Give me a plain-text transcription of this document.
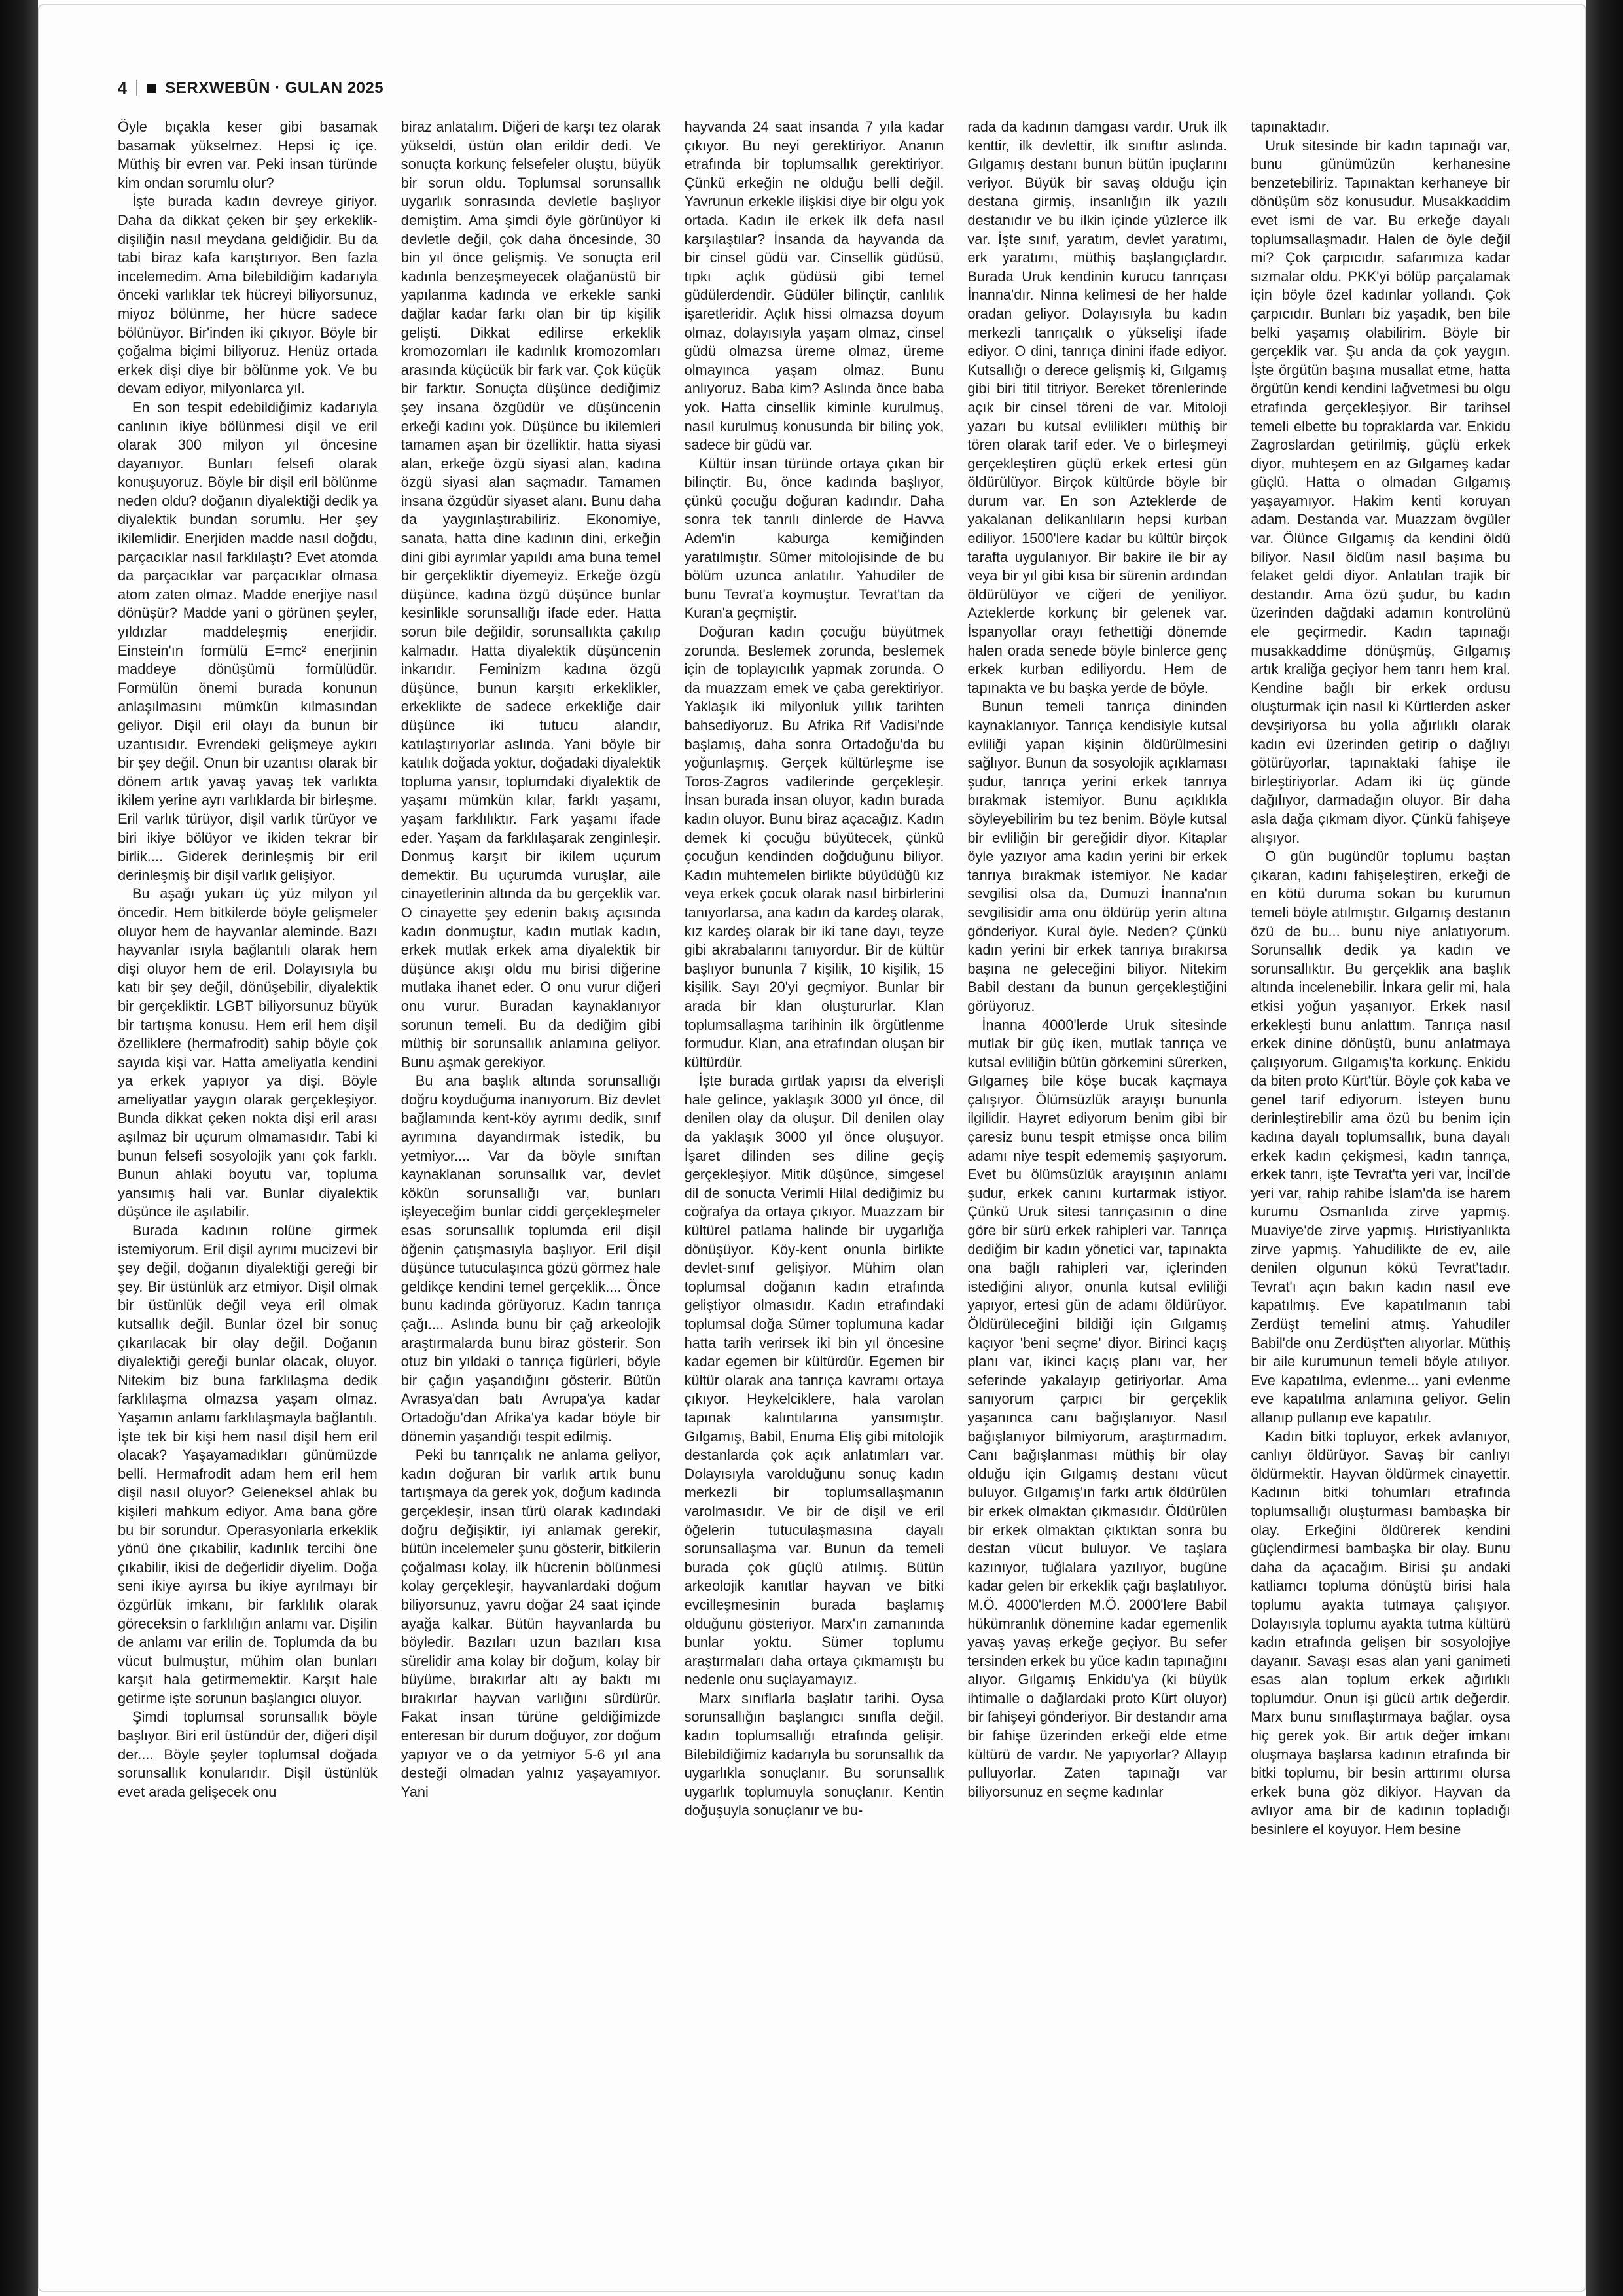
4 SERXWEBÛN · GULAN 2025

Öyle bıçakla keser gibi basamak basamak yükselmez. Hepsi iç içe. Müthiş bir evren var. Peki insan türünde kim ondan sorumlu olur?

İşte burada kadın devreye giriyor. Daha da dikkat çeken bir şey erkeklik-dişiliğin nasıl meydana geldiğidir. Bu da tabi biraz kafa karıştırıyor. Ben fazla incelemedim. Ama bilebildiğim kadarıyla önceki varlıklar tek hücreyi biliyorsunuz, miyoz bölünme, her hücre sadece bölünüyor. Bir'inden iki çıkıyor. Böyle bir çoğalma biçimi biliyoruz. Henüz ortada erkek dişi diye bir bölünme yok. Ve bu devam ediyor, milyonlarca yıl.

En son tespit edebildiğimiz kadarıyla canlının ikiye bölünmesi dişil ve eril olarak 300 milyon yıl öncesine dayanıyor. Bunları felsefi olarak konuşuyoruz. Böyle bir dişil eril bölünme neden oldu? doğanın diyalektiği dedik ya diyalektik bundan sorumlu. Her şey ikilemlidir. Enerjiden madde nasıl doğdu, parçacıklar nasıl farklılaştı? Evet atomda da parçacıklar var parçacıklar olmasa atom zaten olmaz. Madde enerjiye nasıl dönüşür? Madde yani o görünen şeyler, yıldızlar maddeleşmiş enerjidir. Einstein'ın formülü E=mc² enerjinin maddeye dönüşümü formülüdür. Formülün önemi burada konunun anlaşılmasını mümkün kılmasından geliyor. Dişil eril olayı da bunun bir uzantısıdır. Evrendeki gelişmeye aykırı bir şey değil. Onun bir uzantısı olarak bir dönem artık yavaş yavaş tek varlıkta ikilem yerine ayrı varlıklarda bir birleşme. Eril varlık türüyor, dişil varlık türüyor ve biri ikiye bölüyor ve ikiden tekrar bir birlik.... Giderek derinleşmiş bir eril derinleşmiş bir dişil varlık gelişiyor.

Bu aşağı yukarı üç yüz milyon yıl öncedir. Hem bitkilerde böyle gelişmeler oluyor hem de hayvanlar aleminde. Bazı hayvanlar ısıyla bağlantılı olarak hem dişi oluyor hem de eril. Dolayısıyla bu katı bir şey değil, dönüşebilir, diyalektik bir gerçekliktir. LGBT biliyorsunuz büyük bir tartışma konusu. Hem eril hem dişil özelliklere (hermafrodit) sahip böyle çok sayıda kişi var. Hatta ameliyatla kendini ya erkek yapıyor ya dişi. Böyle ameliyatlar yaygın olarak gerçekleşiyor. Bunda dikkat çeken nokta dişi eril arası aşılmaz bir uçurum olmamasıdır. Tabi ki bunun felsefi sosyolojik yanı çok farklı. Bunun ahlaki boyutu var, topluma yansımış hali var. Bunlar diyalektik düşünce ile aşılabilir.

Burada kadının rolüne girmek istemiyorum. Eril dişil ayrımı mucizevi bir şey değil, doğanın diyalektiği gereği bir şey. Bir üstünlük arz etmiyor. Dişil olmak bir üstünlük değil veya eril olmak kutsallık değil. Bunlar özel bir sonuç çıkarılacak bir olay değil. Doğanın diyalektiği gereği bunlar olacak, oluyor. Nitekim biz buna farklılaşma dedik farklılaşma olmazsa yaşam olmaz. Yaşamın anlamı farklılaşmayla bağlantılı. İşte tek bir kişi hem nasıl dişil hem eril olacak? Yaşayamadıkları günümüzde belli. Hermafrodit adam hem eril hem dişil nasıl oluyor? Geleneksel ahlak bu kişileri mahkum ediyor. Ama bana göre bu bir sorundur. Operasyonlarla erkeklik yönü öne çıkabilir, kadınlık tercihi öne çıkabilir, ikisi de değerlidir diyelim. Doğa seni ikiye ayırsa bu ikiye ayrılmayı bir özgürlük imkanı, bir farklılık olarak göreceksin o farklılığın anlamı var. Dişilin de anlamı var erilin de. Toplumda da bu vücut bulmuştur, mühim olan bunları karşıt hala getirmemektir. Karşıt hale getirme işte sorunun başlangıcı oluyor.

Şimdi toplumsal sorunsallık böyle başlıyor. Biri eril üstündür der, diğeri dişil der.... Böyle şeyler toplumsal doğada sorunsallık konularıdır. Dişil üstünlük evet arada gelişecek onu

biraz anlatalım. Diğeri de karşı tez olarak yükseldi, üstün olan erildir dedi. Ve sonuçta korkunç felsefeler oluştu, büyük bir sorun oldu. Toplumsal sorunsallık uygarlık sonrasında devletle başlıyor demiştim. Ama şimdi öyle görünüyor ki devletle değil, çok daha öncesinde, 30 bin yıl önce gelişmiş. Ve sonuçta eril kadınla benzeşmeyecek olağanüstü bir yapılanma kadında ve erkekle sanki dağlar kadar farkı olan bir tip kişilik gelişti. Dikkat edilirse erkeklik kromozomları ile kadınlık kromozomları arasında küçücük bir fark var. Çok küçük bir farktır. Sonuçta düşünce dediğimiz şey insana özgüdür ve düşüncenin erkeği kadını yok. Düşünce bu ikilemleri tamamen aşan bir özelliktir, hatta siyasi alan, erkeğe özgü siyasi alan, kadına özgü siyasi alan saçmadır. Tamamen insana özgüdür siyaset alanı. Bunu daha da yaygınlaştırabiliriz. Ekonomiye, sanata, hatta dine kadının dini, erkeğin dini gibi ayrımlar yapıldı ama buna temel bir gerçekliktir diyemeyiz. Erkeğe özgü düşünce, kadına özgü düşünce bunlar kesinlikle sorunsallığı ifade eder. Hatta sorun bile değildir, sorunsallıkta çakılıp kalmadır. Hatta diyalektik düşüncenin inkarıdır. Feminizm kadına özgü düşünce, bunun karşıtı erkeklikler, erkeklikte de sadece erkekliğe dair düşünce iki tutucu alandır, katılaştırıyorlar aslında. Yani böyle bir katılık doğada yoktur, doğadaki diyalektik topluma yansır, toplumdaki diyalektik de yaşamı mümkün kılar, farklı yaşamı, yaşam farklılıktır. Fark yaşamı ifade eder. Yaşam da farklılaşarak zenginleşir. Donmuş karşıt bir ikilem uçurum demektir. Bu uçurumda vuruşlar, aile cinayetlerinin altında da bu gerçeklik var. O cinayette şey edenin bakış açısında kadın donmuştur, kadın mutlak kadın, erkek mutlak erkek ama diyalektik bir düşünce akışı oldu mu birisi diğerine mutlaka ihanet eder. O onu vurur diğeri onu vurur. Buradan kaynaklanıyor sorunun temeli. Bu da dediğim gibi müthiş bir sorunsallık anlamına geliyor. Bunu aşmak gerekiyor.

Bu ana başlık altında sorunsallığı doğru koyduğuma inanıyorum. Biz devlet bağlamında kent-köy ayrımı dedik, sınıf ayrımına dayandırmak istedik, bu yetmiyor.... Var da böyle sınıftan kaynaklanan sorunsallık var, devlet kökün sorunsallığı var, bunları işleyeceğim bunlar ciddi gerçekleşmeler esas sorunsallık toplumda eril dişil öğenin çatışmasıyla başlıyor. Eril dişil düşünce tutuculaşınca gözü görmez hale geldikçe kendini temel gerçeklik.... Önce bunu kadında görüyoruz. Kadın tanrıça çağı.... Aslında bunu bir çağ arkeolojik araştırmalarda bunu biraz gösterir. Son otuz bin yıldaki o tanrıça figürleri, böyle bir çağın yaşandığını gösterir. Bütün Avrasya'dan batı Avrupa'ya kadar Ortadoğu'dan Afrika'ya kadar böyle bir dönemin yaşandığı tespit edilmiş.

Peki bu tanrıçalık ne anlama geliyor, kadın doğuran bir varlık artık bunu tartışmaya da gerek yok, doğum kadında gerçekleşir, insan türü olarak kadındaki doğru değişiktir, iyi anlamak gerekir, bütün incelemeler şunu gösterir, bitkilerin çoğalması kolay, ilk hücrenin bölünmesi kolay gerçekleşir, hayvanlardaki doğum biliyorsunuz, yavru doğar 24 saat içinde ayağa kalkar. Bütün hayvanlarda bu böyledir. Bazıları uzun bazıları kısa sürelidir ama kolay bir doğum, kolay bir büyüme, bırakırlar altı ay baktı mı bırakırlar hayvan varlığını sürdürür. Fakat insan türüne geldiğimizde enteresan bir durum doğuyor, zor doğum yapıyor ve o da yetmiyor 5-6 yıl ana desteği olmadan yalnız yaşayamıyor. Yani

hayvanda 24 saat insanda 7 yıla kadar çıkıyor. Bu neyi gerektiriyor. Ananın etrafında bir toplumsallık gerektiriyor. Çünkü erkeğin ne olduğu belli değil. Yavrunun erkekle ilişkisi diye bir olgu yok ortada. Kadın ile erkek ilk defa nasıl karşılaştılar? İnsanda da hayvanda da bir cinsel güdü var. Cinsellik güdüsü, tıpkı açlık güdüsü gibi temel güdülerdendir. Güdüler bilinçtir, canlılık işaretleridir. Açlık hissi olmazsa doyum olmaz, dolayısıyla yaşam olmaz, cinsel güdü olmazsa üreme olmaz, üreme olmayınca yaşam olmaz. Bunu anlıyoruz. Baba kim? Aslında önce baba yok. Hatta cinsellik kiminle kurulmuş, nasıl kurulmuş konusunda bir bilinç yok, sadece bir güdü var.

Kültür insan türünde ortaya çıkan bir bilinçtir. Bu, önce kadında başlıyor, çünkü çocuğu doğuran kadındır. Daha sonra tek tanrılı dinlerde de Havva Adem'in kaburga kemiğinden yaratılmıştır. Sümer mitolojisinde de bu bölüm uzunca anlatılır. Yahudiler de bunu Tevrat'a koymuştur. Tevrat'tan da Kuran'a geçmiştir.

Doğuran kadın çocuğu büyütmek zorunda. Beslemek zorunda, beslemek için de toplayıcılık yapmak zorunda. O da muazzam emek ve çaba gerektiriyor. Yaklaşık iki milyonluk yıllık tarihten bahsediyoruz. Bu Afrika Rif Vadisi'nde başlamış, daha sonra Ortadoğu'da bu yoğunlaşmış. Gerçek kültürleşme ise Toros-Zagros vadilerinde gerçekleşir. İnsan burada insan oluyor, kadın burada kadın oluyor. Bunu biraz açacağız. Kadın demek ki çocuğu büyütecek, çünkü çocuğun kendinden doğduğunu biliyor. Kadın muhtemelen birlikte büyüdüğü kız veya erkek çocuk olarak nasıl birbirlerini tanıyorlarsa, ana kadın da kardeş olarak, kız kardeş olarak bir iki tane dayı, teyze gibi akrabalarını tanıyordur. Bir de kültür başlıyor bununla 7 kişilik, 10 kişilik, 15 kişilik. Sayı 20'yi geçmiyor. Bunlar bir arada bir klan oluştururlar. Klan toplumsallaşma tarihinin ilk örgütlenme formudur. Klan, ana etrafından oluşan bir kültürdür.

İşte burada gırtlak yapısı da elverişli hale gelince, yaklaşık 3000 yıl önce, dil denilen olay da oluşur. Dil denilen olay da yaklaşık 3000 yıl önce oluşuyor. İşaret dilinden ses diline geçiş gerçekleşiyor. Mitik düşünce, simgesel dil de sonucta Verimli Hilal dediğimiz bu coğrafya da ortaya çıkıyor. Muazzam bir kültürel patlama halinde bir uygarlığa dönüşüyor. Köy-kent onunla birlikte devlet-sınıf gelişiyor. Mühim olan toplumsal doğanın kadın etrafında geliştiyor olmasıdır. Kadın etrafındaki toplumsal doğa Sümer toplumuna kadar hatta tarih verirsek iki bin yıl öncesine kadar egemen bir kültürdür. Egemen bir kültür olarak ana tanrıça kavramı ortaya çıkıyor. Heykelciklere, hala varolan tapınak kalıntılarına yansımıştır. Gılgamış, Babil, Enuma Eliş gibi mitolojik destanlarda çok açık anlatımları var. Dolayısıyla varolduğunu sonuç kadın merkezli bir toplumsallaşmanın varolmasıdır. Ve bir de dişil ve eril öğelerin tutuculaşmasına dayalı sorunsallaşma var. Bunun da temeli burada çok güçlü atılmış. Bütün arkeolojik kanıtlar hayvan ve bitki evcilleşmesinin burada başlamış olduğunu gösteriyor. Marx'ın zamanında bunlar yoktu. Sümer toplumu araştırmaları daha ortaya çıkmamıştı bu nedenle onu suçlayamayız.

Marx sınıflarla başlatır tarihi. Oysa sorunsallığın başlangıcı sınıfla değil, kadın toplumsallığı etrafında gelişir. Bilebildiğimiz kadarıyla bu sorunsallık da uygarlıkla sonuçlanır. Bu sorunsallık uygarlık toplumuyla sonuçlanır. Kentin doğuşuyla sonuçlanır ve bu-

rada da kadının damgası vardır. Uruk ilk kenttir, ilk devlettir, ilk sınıftır aslında. Gılgamış destanı bunun bütün ipuçlarını veriyor. Büyük bir savaş olduğu için destana girmiş, insanlığın ilk yazılı destanıdır ve bu ilkin içinde yüzlerce ilk var. İşte sınıf, yaratım, devlet yaratımı, erk yaratımı, müthiş başlangıçlardır. Burada Uruk kendinin kurucu tanrıçası İnanna'dır. Ninna kelimesi de her halde oradan geliyor. Dolayısıyla bu kadın merkezli tanrıçalık o yükselişi ifade ediyor. O dini, tanrıça dinini ifade ediyor. Kutsallığı o derece gelişmiş ki, Gılgamış gibi biri titil titriyor. Bereket törenlerinde açık bir cinsel töreni de var. Mitoloji yazarı bu kutsal evliliklerı müthiş bir tören olarak tarif eder. Ve o birleşmeyi gerçekleştiren güçlü erkek ertesi gün öldürülüyor. Birçok kültürde böyle bir durum var. En son Azteklerde de yakalanan delikanlıların hepsi kurban ediliyor. 1500'lere kadar bu kültür birçok tarafta uygulanıyor. Bir bakire ile bir ay veya bir yıl gibi kısa bir sürenin ardından öldürülüyor ve ciğeri de yeniliyor. Azteklerde korkunç bir gelenek var. İspanyollar orayı fethettiği dönemde halen orada senede böyle binlerce genç erkek kurban ediliyordu. Hem de tapınakta ve bu başka yerde de böyle.

Bunun temeli tanrıça dininden kaynaklanıyor. Tanrıça kendisiyle kutsal evliliği yapan kişinin öldürülmesini sağlıyor. Bunun da sosyolojik açıklaması şudur, tanrıça yerini erkek tanrıya bırakmak istemiyor. Bunu açıklıkla söyleyebilirim bu tez benim. Böyle kutsal bir evliliğin bir gereğidir diyor. Kitaplar öyle yazıyor ama kadın yerini bir erkek tanrıya bırakmak istemiyor. Ne kadar sevgilisi olsa da, Dumuzi İnanna'nın sevgilisidir ama onu öldürüp yerin altına gönderiyor. Kural öyle. Neden? Çünkü kadın yerini bir erkek tanrıya bırakırsa başına ne geleceğini biliyor. Nitekim Babil destanı da bunun gerçekleştiğini görüyoruz.

İnanna 4000'lerde Uruk sitesinde mutlak bir güç iken, mutlak tanrıça ve kutsal evliliğin bütün görkemini sürerken, Gılgameş bile köşe bucak kaçmaya çalışıyor. Ölümsüzlük arayışı bununla ilgilidir. Hayret ediyorum benim gibi bir çaresiz bunu tespit etmişse onca bilim adamı niye tespit edememiş şaşıyorum. Evet bu ölümsüzlük arayışının anlamı şudur, erkek canını kurtarmak istiyor. Çünkü Uruk sitesi tanrıçasının o dine göre bir sürü erkek rahipleri var. Tanrıça dediğim bir kadın yönetici var, tapınakta ona bağlı rahipleri var, içlerinden istediğini alıyor, onunla kutsal evliliği yapıyor, ertesi gün de adamı öldürüyor. Öldürüleceğini bildiği için Gılgamış kaçıyor 'beni seçme' diyor. Birinci kaçış planı var, ikinci kaçış planı var, her seferinde yakalayıp getiriyorlar. Ama sanıyorum çarpıcı bir gerçeklik yaşanınca canı bağışlanıyor. Nasıl bağışlanıyor bilmiyorum, araştırmadım. Canı bağışlanması müthiş bir olay olduğu için Gılgamış destanı vücut buluyor. Gılgamış'ın farkı artık öldürülen bir erkek olmaktan çıkmasıdır. Öldürülen bir erkek olmaktan çıktıktan sonra bu destan vücut buluyor. Ve taşlara kazınıyor, tuğlalara yazılıyor, bugüne kadar gelen bir erkeklik çağı başlatılıyor. M.Ö. 4000'lerden M.Ö. 2000'lere Babil hükümranlık dönemine kadar egemenlik yavaş yavaş erkeğe geçiyor. Bu sefer tersinden erkek bu yüce kadın tapınağını alıyor. Gılgamış Enkidu'ya (ki büyük ihtimalle o dağlardaki proto Kürt oluyor) bir fahişeyi gönderiyor. Bir destandır ama bir fahişe üzerinden erkeği elde etme kültürü de vardır. Ne yapıyorlar? Allayıp pulluyorlar. Zaten tapınağı var biliyorsunuz en seçme kadınlar

tapınaktadır.

Uruk sitesinde bir kadın tapınağı var, bunu günümüzün kerhanesine benzetebiliriz. Tapınaktan kerhaneye bir dönüşüm söz konusudur. Musakkaddim evet ismi de var. Bu erkeğe dayalı toplumsallaşmadır. Halen de öyle değil mi? Çok çarpıcıdır, safarımıza kadar sızmalar oldu. PKK'yi bölüp parçalamak için böyle özel kadınlar yollandı. Çok çarpıcıdır. Bunları biz yaşadık, ben bile belki yaşamış olabilirim. Böyle bir gerçeklik var. Şu anda da çok yaygın. İşte örgütün başına musallat etme, hatta örgütün kendi kendini lağvetmesi bu olgu etrafında gerçekleşiyor. Bir tarihsel temeli elbette bu topraklarda var. Enkidu Zagroslardan getirilmiş, güçlü erkek diyor, muhteşem en az Gılgameş kadar güçlü. Hatta o olmadan Gılgamış yaşayamıyor. Hakim kenti koruyan adam. Destanda var. Muazzam övgüler var. Ölünce Gılgamış da kendini öldü biliyor. Nasıl öldüm nasıl başıma bu felaket geldi diyor. Anlatılan trajik bir destandır. Ama özü şudur, bu kadın üzerinden dağdaki adamın kontrolünü ele geçirmedir. Kadın tapınağı musakkaddime dönüşmüş, Gılgamış artık kraliğa geçiyor hem tanrı hem kral. Kendine bağlı bir erkek ordusu oluşturmak için nasıl ki Kürtlerden asker devşiriyorsa bu yolla ağırlıklı olarak kadın evi üzerinden getirip o dağlıyı götürüyorlar, tapınaktaki fahişe ile birleştiriyorlar. Adam iki üç günde dağılıyor, darmadağın oluyor. Bir daha asla dağa çıkmam diyor. Çünkü fahişeye alışıyor.

O gün bugündür toplumu baştan çıkaran, kadını fahişeleştiren, erkeği de en kötü duruma sokan bu kurumun temeli böyle atılmıştır. Gılgamış destanın özü de bu... bunu niye anlatıyorum. Sorunsallık dedik ya kadın ve sorunsallıktır. Bu gerçeklik ana başlık altında incelenebilir. İnkara gelir mi, hala etkisi yoğun yaşanıyor. Erkek nasıl erkekleşti bunu anlattım. Tanrıça nasıl erkek dinine dönüştü, bunu anlatmaya çalışıyorum. Gılgamış'ta korkunç. Enkidu da biten proto Kürt'tür. Böyle çok kaba ve genel tarif ediyorum. İsteyen bunu derinleştirebilir ama özü bu benim için kadına dayalı toplumsallık, buna dayalı erkek kadın çekişmesi, kadın tanrıça, erkek tanrı, işte Tevrat'ta yeri var, İncil'de yeri var, rahip rahibe İslam'da ise harem kurumu Osmanlıda zirve yapmış. Muaviye'de zirve yapmış. Hıristiyanlıkta zirve yapmış. Yahudilikte de ev, aile denilen olgunun kökü Tevrat'tadır. Tevrat'ı açın bakın kadın nasıl eve kapatılmış. Eve kapatılmanın tabi Zerdüşt temelini atmış. Yahudiler Babil'de onu Zerdüşt'ten alıyorlar. Müthiş bir aile kurumunun temeli böyle atılıyor. Eve kapatılma, evlenme... yani evlenme eve kapatılma anlamına geliyor. Gelin allanıp pullanıp eve kapatılır.

Kadın bitki topluyor, erkek avlanıyor, canlıyı öldürüyor. Savaş bir canlıyı öldürmektir. Hayvan öldürmek cinayettir. Kadının bitki tohumları etrafında toplumsallığı oluşturması bambaşka bir olay. Erkeğini öldürerek kendini güçlendirmesi bambaşka bir olay. Bunu daha da açacağım. Birisi şu andaki katliamcı topluma dönüştü birisi hala toplumu ayakta tutmaya çalışıyor. Dolayısıyla toplumu ayakta tutma kültürü kadın etrafında gelişen bir sosyolojiye dayanır. Savaşı esas alan yani ganimeti esas alan toplum erkek ağırlıklı toplumdur. Onun işi gücü artık değerdir. Marx bunu sınıflaştırmaya bağlar, oysa hiç gerek yok. Bir artık değer imkanı oluşmaya başlarsa kadının etrafında bir bitki toplumu, bir besin arttırımı olursa erkek buna göz dikiyor. Hayvan da avlıyor ama bir de kadının topladığı besinlere el koyuyor. Hem besine
